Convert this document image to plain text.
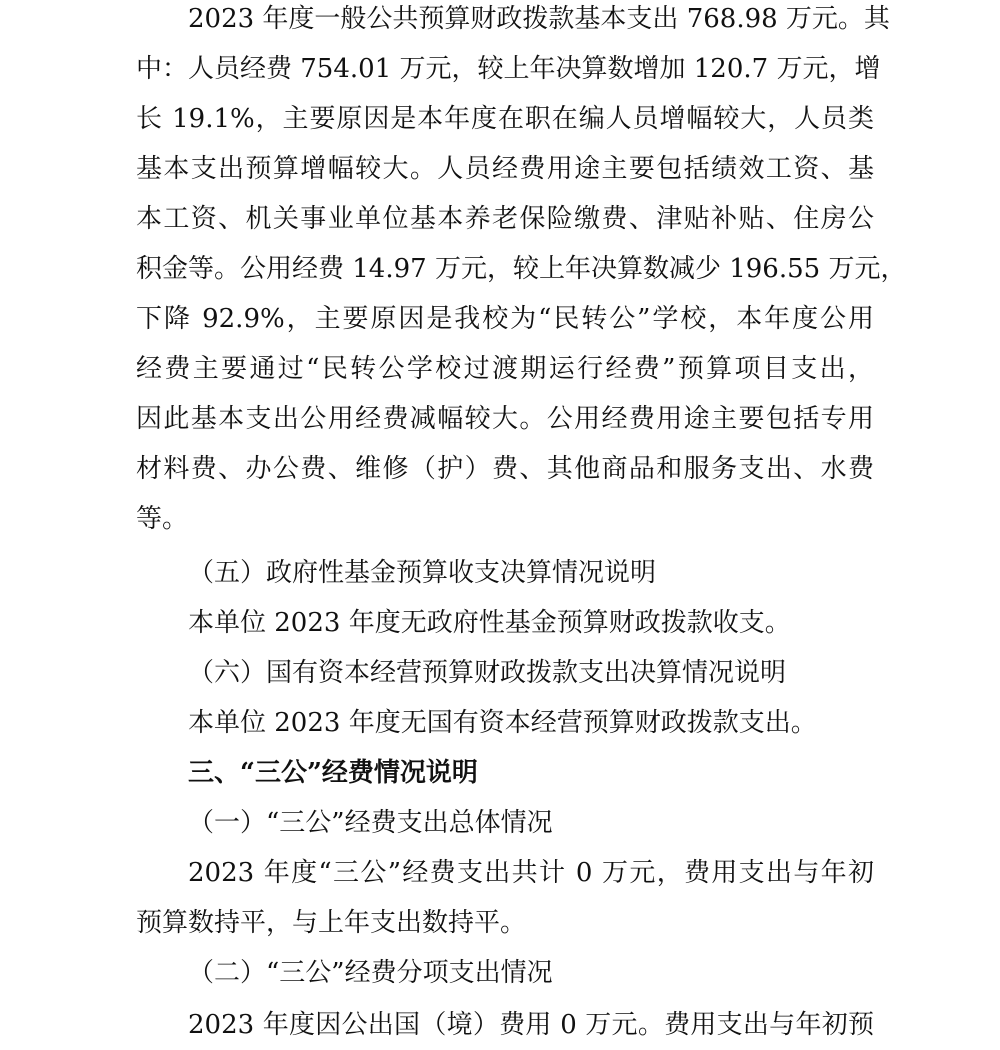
2023 年度一般公共预算财政拨款基本支出 768.98 万元。其
中：人员经费 754.01 万元，较上年决算数增加 120.7 万元，增
长 19.1%，主要原因是本年度在职在编人员增幅较大，人员类
基本支出预算增幅较大。人员经费用途主要包括绩效工资、基
本工资、机关事业单位基本养老保险缴费、津贴补贴、住房公
积金等。公用经费 14.97 万元，较上年决算数减少 196.55 万元，
下降 92.9%，主要原因是我校为“民转公”学校，本年度公用
经费主要通过“民转公学校过渡期运行经费”预算项目支出，
因此基本支出公用经费减幅较大。公用经费用途主要包括专用
材料费、办公费、维修（护）费、其他商品和服务支出、水费
等。
（五）政府性基金预算收支决算情况说明
本单位 2023 年度无政府性基金预算财政拨款收支。
（六）国有资本经营预算财政拨款支出决算情况说明
本单位 2023 年度无国有资本经营预算财政拨款支出。
三、“三公”经费情况说明
（一）“三公”经费支出总体情况
2023 年度“三公”经费支出共计 0 万元，费用支出与年初
预算数持平，与上年支出数持平。
（二）“三公”经费分项支出情况
2023 年度因公出国（境）费用 0 万元。费用支出与年初预
